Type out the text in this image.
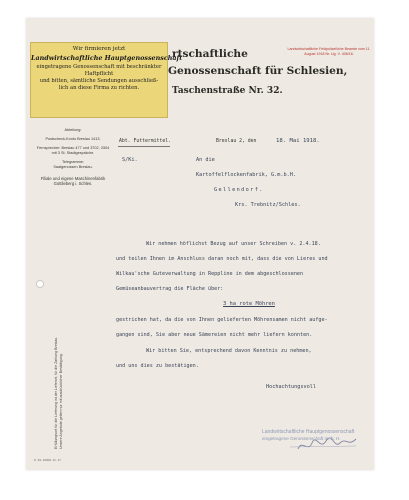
Wir firmieren jetzt
Landwirtschaftliche Hauptgenossenschaft
eingetragene Genossenschaft mit beschränkter Haftpflicht
und bitten, sämtliche Sendungen ausschließ-
lich an diese Firma zu richten.
rtschaftliche
Genossenschaft für Schlesien,
Taschenstraße Nr. 32.
Landwirtschaftliche Feldpolizeiliche Beamte vom 11. August 1918 Nr. Ug. V. 406/16.
Abteilung:
Postscheck-Konto Breslau 1413.
Fernsprecher: Breslau 477 und 3702, 3304 mit 3 St. Stadtgespräche.
Telegramme:
Saatgenossen Breslau.
Filiale und eigene Maschinenfabrik Gottlieberg i. Schles.
Abt. Futtermittel.	Breslau 2, den	18. Mai 1918.
S/Ki.	An die
Kartoffelflockenfabrik, G.m.b.H.
Gellendorf.
Krs. Trebnitz/Schles.
Wir nehmen höflichst Bezug auf unser Schreiben v. 2.4.18.
und teilen Ihnen im Anschluss daran noch mit, dass die von Lieres und
Wilkau'sche Guteverwaltung in Reppline in dem abgeschlossenen
Gemüseanbauvertrag die Fläche über:
3 ha rote Möhren
gestrichen hat, da die von Ihnen gelieferten Möhrensamen nicht aufge-
gangen sind, Sie aber neue Sämereien nicht mehr liefern konnten.
Wir bitten Sie, entsprechend davon Kenntnis zu nehmen,
und uns dies zu bestätigen.
Hochachtungsvoll
Landwirtschaftliche Hauptgenossenschaft
eingetragene Genossenschaft m. b. H.
Erfüllungsort für die Lieferung ist der Lieferort, für die Zahlung Breslau. Unsere Angebote gelten nur mit ausdrücklicher Bestätigung.
K. 29. 10000. 11. 17.
